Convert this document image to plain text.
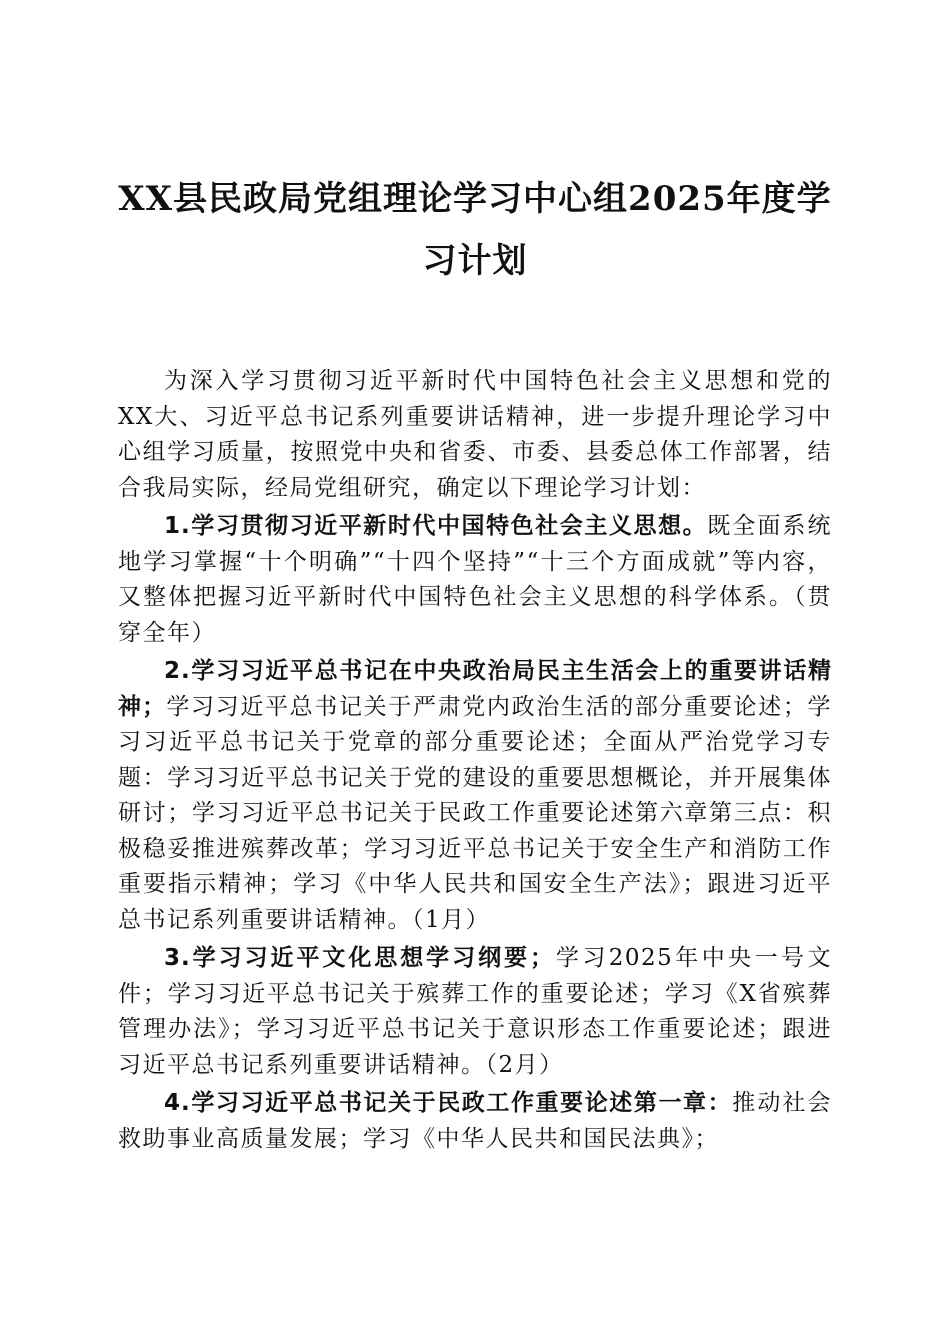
XX县民政局党组理论学习中心组2025年度学
习计划

为深入学习贯彻习近平新时代中国特色社会主义思想和党的XX大、习近平总书记系列重要讲话精神，进一步提升理论学习中心组学习质量，按照党中央和省委、市委、县委总体工作部署，结合我局实际，经局党组研究，确定以下理论学习计划：

1.学习贯彻习近平新时代中国特色社会主义思想。既全面系统地学习掌握“十个明确”“十四个坚持”“十三个方面成就”等内容，又整体把握习近平新时代中国特色社会主义思想的科学体系。（贯穿全年）

2.学习习近平总书记在中央政治局民主生活会上的重要讲话精神；学习习近平总书记关于严肃党内政治生活的部分重要论述；学习习近平总书记关于党章的部分重要论述；全面从严治党学习专题：学习习近平总书记关于党的建设的重要思想概论，并开展集体研讨；学习习近平总书记关于民政工作重要论述第六章第三点：积极稳妥推进殡葬改革；学习习近平总书记关于安全生产和消防工作重要指示精神；学习《中华人民共和国安全生产法》；跟进习近平总书记系列重要讲话精神。（1月）

3.学习习近平文化思想学习纲要；学习2025年中央一号文件；学习习近平总书记关于殡葬工作的重要论述；学习《X省殡葬管理办法》；学习习近平总书记关于意识形态工作重要论述；跟进习近平总书记系列重要讲话精神。（2月）

4.学习习近平总书记关于民政工作重要论述第一章：推动社会救助事业高质量发展；学习《中华人民共和国民法典》；
